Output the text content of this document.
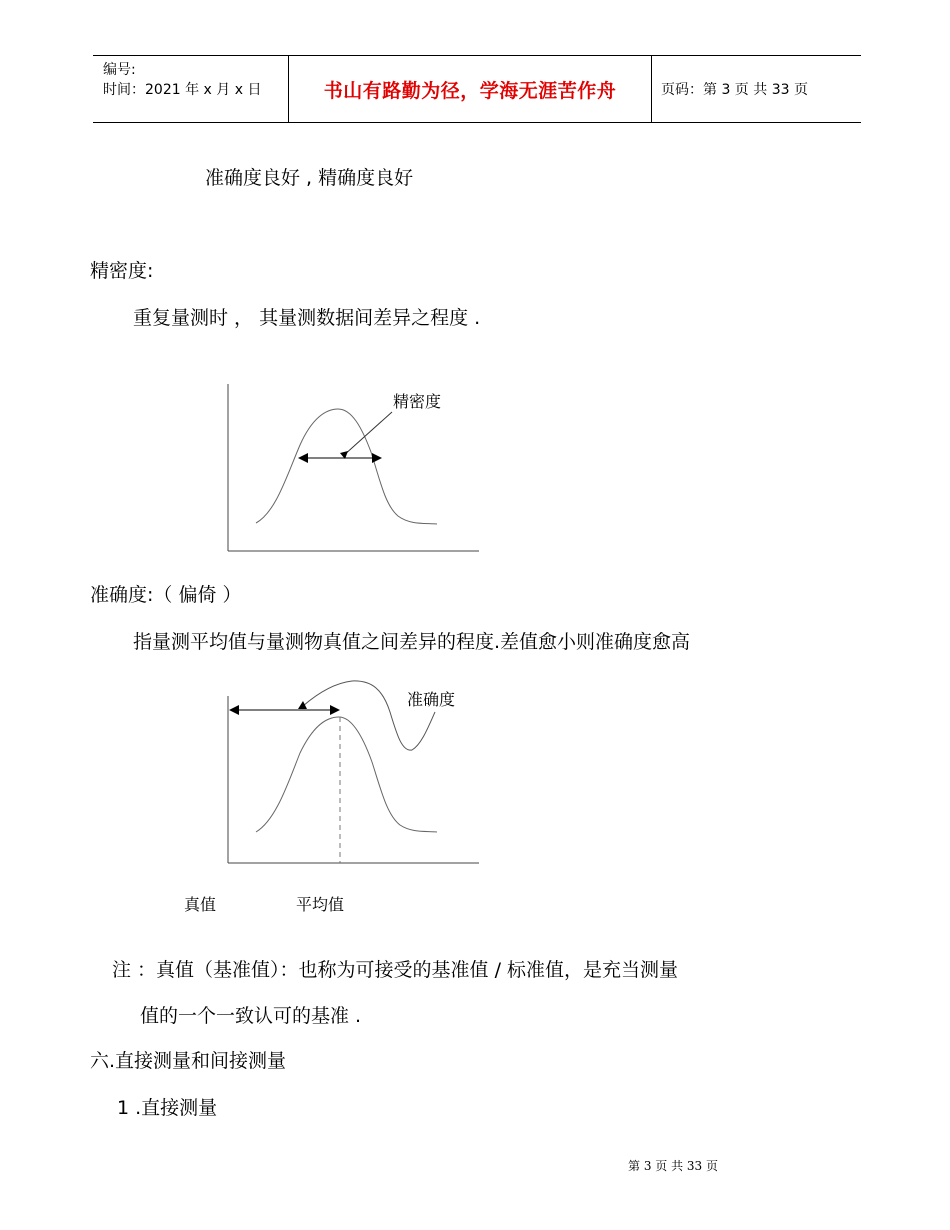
编号:
时间：2021 年 x 月 x 日	书山有路勤为径，学海无涯苦作舟	页码：第 3 页 共 33 页
准确度良好 , 精确度良好
精密度:
重复量测时 ， 其量测数据间差异之程度 .
精密度
准确度:（ 偏倚 ）
指量测平均值与量测物真值之间差异的程度.差值愈小则准确度愈高
准确度
真值	平均值
注 ：真值（基准值）：也称为可接受的基准值 / 标准值，是充当测量
值的一个一致认可的基准 .
六.直接测量和间接测量
1 .直接测量
第 3 页 共 33 页
